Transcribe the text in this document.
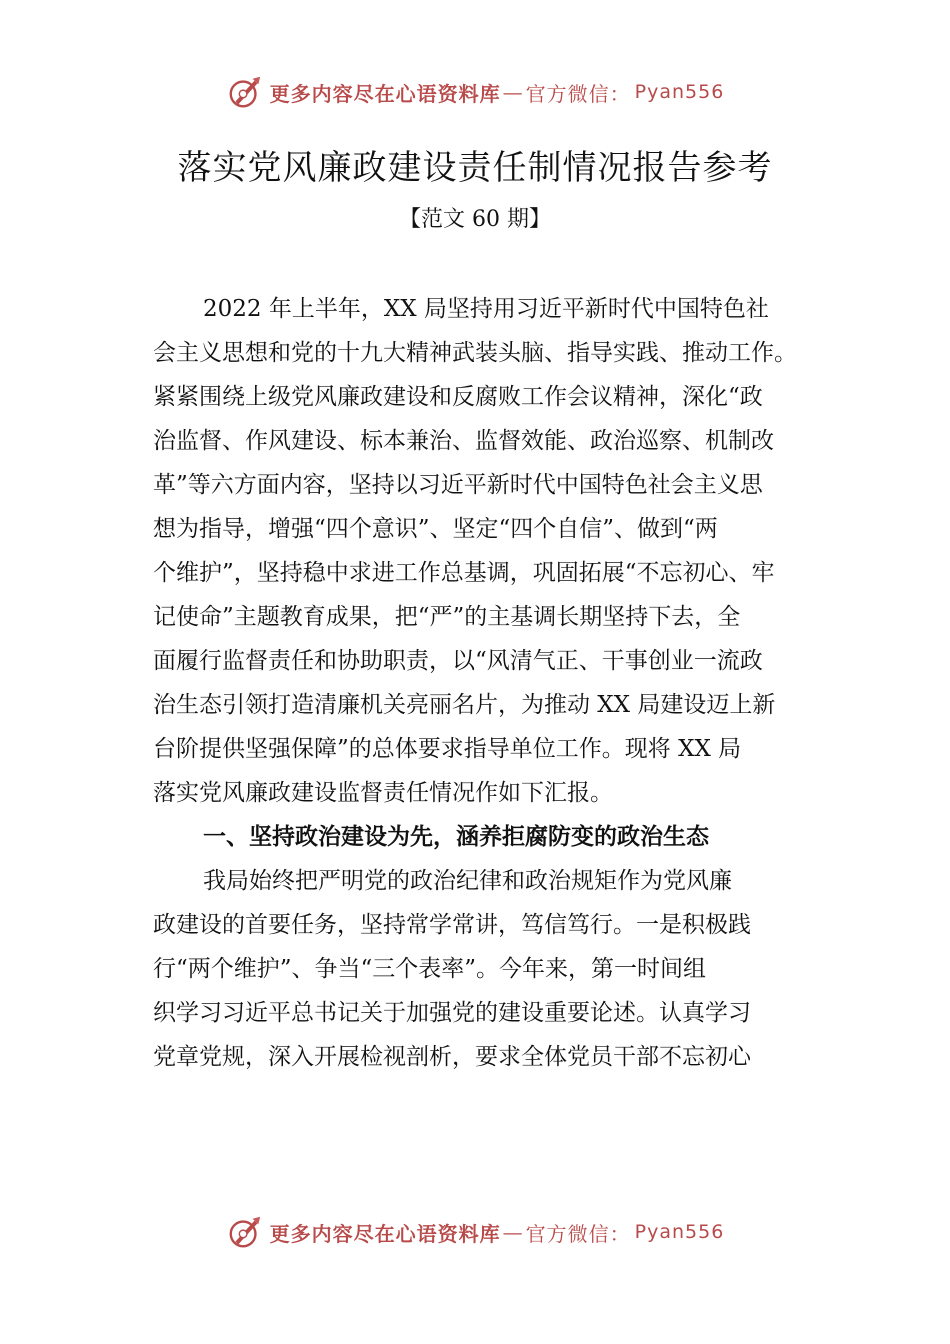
更多内容尽在心语资料库 — 官方微信： Pyan556
落实党风廉政建设责任制情况报告参考
【范文 60 期】
2022 年上半年，XX 局坚持用习近平新时代中国特色社
会主义思想和党的十九大精神武装头脑、指导实践、推动工作。
紧紧围绕上级党风廉政建设和反腐败工作会议精神，深化“政
治监督、作风建设、标本兼治、监督效能、政治巡察、机制改
革”等六方面内容，坚持以习近平新时代中国特色社会主义思
想为指导，增强“四个意识”、坚定“四个自信”、做到“两
个维护”，坚持稳中求进工作总基调，巩固拓展“不忘初心、牢
记使命”主题教育成果，把“严”的主基调长期坚持下去，全
面履行监督责任和协助职责，以“风清气正、干事创业一流政
治生态引领打造清廉机关亮丽名片，为推动 XX 局建设迈上新
台阶提供坚强保障”的总体要求指导单位工作。现将 XX 局
落实党风廉政建设监督责任情况作如下汇报。
一、坚持政治建设为先，涵养拒腐防变的政治生态
我局始终把严明党的政治纪律和政治规矩作为党风廉
政建设的首要任务，坚持常学常讲，笃信笃行。一是积极践
行“两个维护”、争当“三个表率”。今年来，第一时间组
织学习习近平总书记关于加强党的建设重要论述。认真学习
党章党规，深入开展检视剖析，要求全体党员干部不忘初心
更多内容尽在心语资料库 — 官方微信： Pyan556
